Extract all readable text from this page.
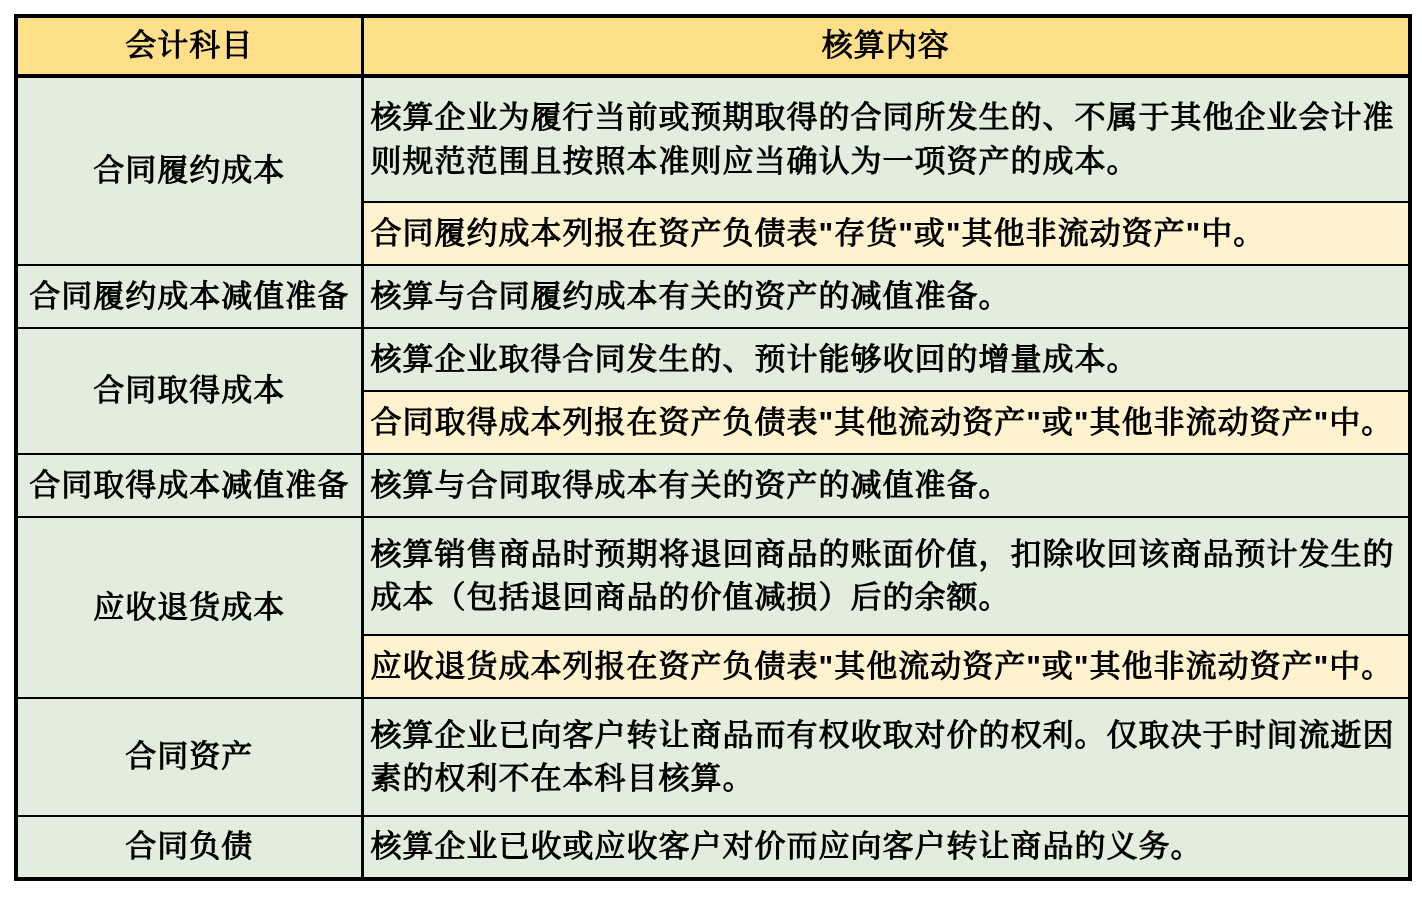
会计科目	核算内容
合同履约成本	核算企业为履行当前或预期取得的合同所发生的、不属于其他企业会计准则规范范围且按照本准则应当确认为一项资产的成本。
	合同履约成本列报在资产负债表"存货"或"其他非流动资产"中。
合同履约成本减值准备	核算与合同履约成本有关的资产的减值准备。
合同取得成本	核算企业取得合同发生的、预计能够收回的增量成本。
	合同取得成本列报在资产负债表"其他流动资产"或"其他非流动资产"中。
合同取得成本减值准备	核算与合同取得成本有关的资产的减值准备。
应收退货成本	核算销售商品时预期将退回商品的账面价值，扣除收回该商品预计发生的成本（包括退回商品的价值减损）后的余额。
	应收退货成本列报在资产负债表"其他流动资产"或"其他非流动资产"中。
合同资产	核算企业已向客户转让商品而有权收取对价的权利。仅取决于时间流逝因素的权利不在本科目核算。
合同负债	核算企业已收或应收客户对价而应向客户转让商品的义务。
